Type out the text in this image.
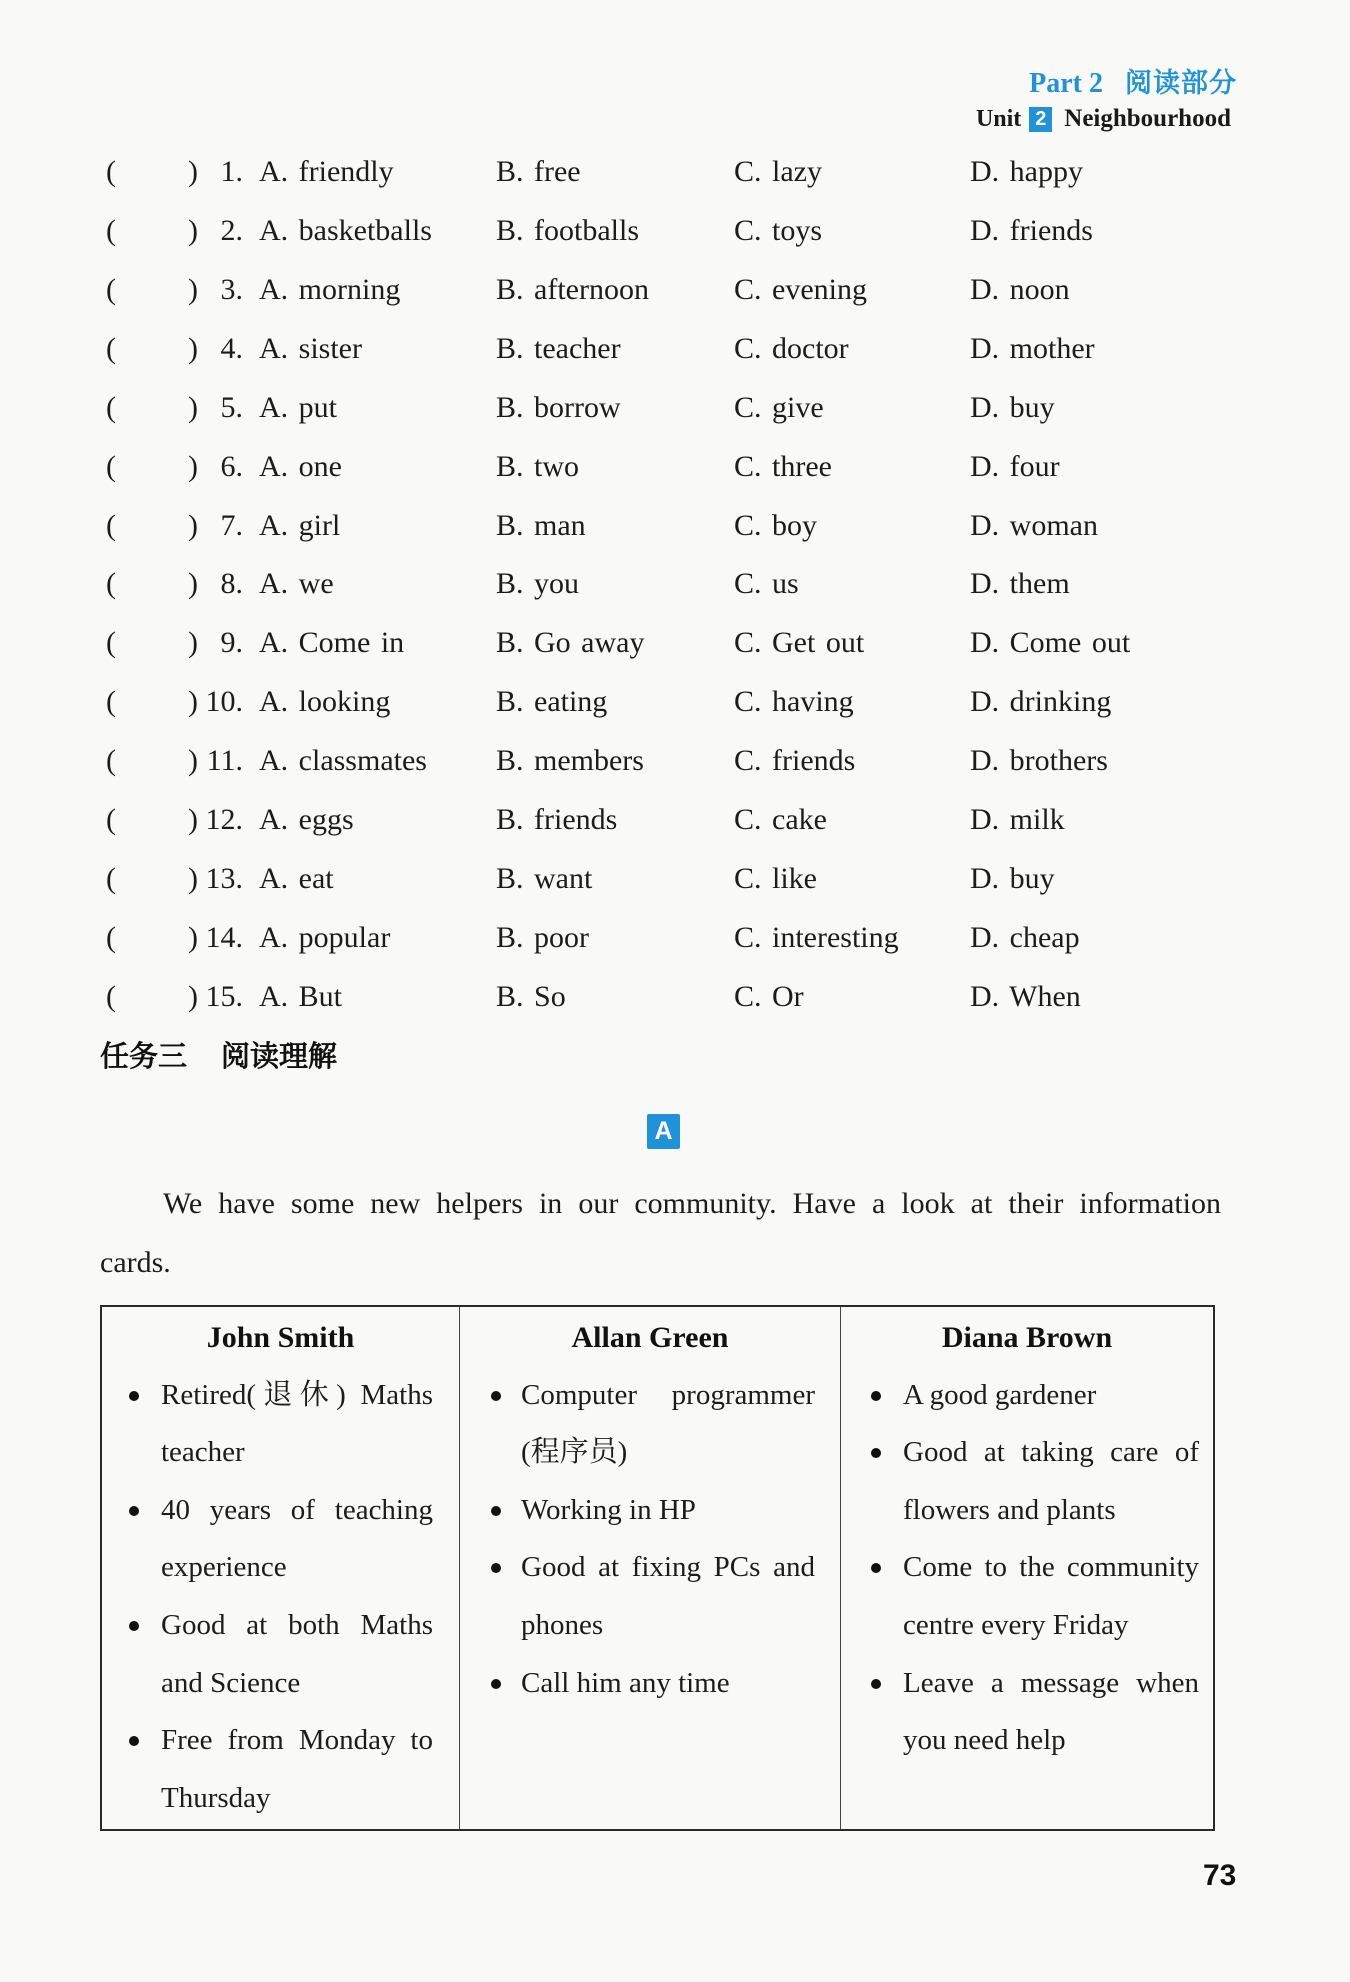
Part 2 阅读部分
Unit 2 Neighbourhood
( ) 1. A. friendly	B. free	C. lazy	D. happy
( ) 2. A. basketballs B. footballs	C. toys	D. friends
( ) 3. A. morning	B. afternoon	C. evening	D. noon
( ) 4. A. sister	B. teacher	C. doctor	D. mother
( ) 5. A. put	B. borrow	C. give	D. buy
( ) 6. A. one	B. two	C. three	D. four
( ) 7. A. girl	B. man	C. boy	D. woman
( ) 8. A. we	B. you	C. us	D. them
( ) 9. A. Come in	B. Go away	C. Get out	D. Come out
( ) 10. A. looking	B. eating	C. having	D. drinking
( ) 11. A. classmates B. members	C. friends	D. brothers
( ) 12. A. eggs	B. friends	C. cake	D. milk
( ) 13. A. eat	B. want	C. like	D. buy
( ) 14. A. popular	B. poor	C. interesting D. cheap
( ) 15. A. But	B. So	C. Or	D. When
任务三 阅读理解
A

We have some new helpers in our community. Have a look at their information cards.

John Smith
Retired(退休) Maths teacher
40 years of teaching experience
Good at both Maths and Science
Free from Monday to Thursday
Allan Green
Computer programmer (程序员)
Working in HP
Good at fixing PCs and phones
Call him any time
Diana Brown
A good gardener
Good at taking care of flowers and plants
Come to the community centre every Friday
Leave a message when you need help
73
